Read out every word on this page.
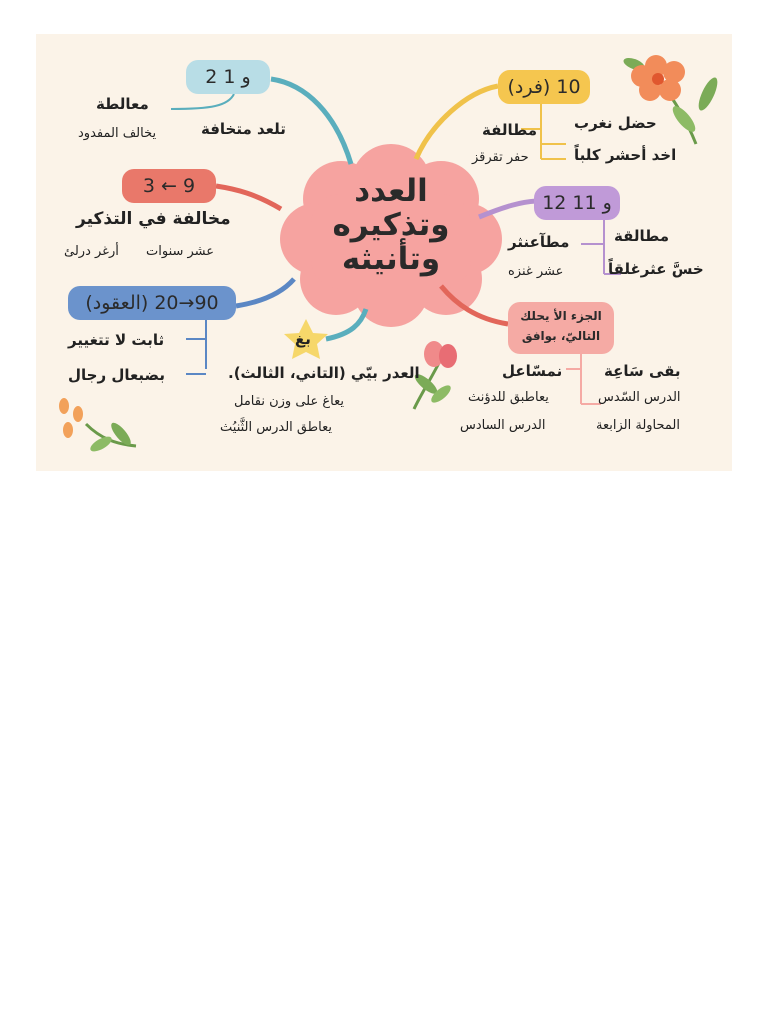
العدد
وتذكيره
وتأنيثه
2 و 1
معالطة
تلعد متخافة
يخالف المفدود
3 ← 9
مخالفة في التذكير
عشر سنوات
أرغر درلئ
(العقود) 90→20
ثابت لا تتغيير
بضبعال رجال
بغ
العدر بيّي (التاني، الثالث).
يعاغ على وزن نقامل
يعاطق الدرس الثَّنيُث
(فرد) 10
مطالفة
حفر تقرقز
حضل نغرب
اخد أحشر كلباً
12 و 11
مطآعنثر
عشر غنزه
مطالقة
خسَّ عثرغلقاً
الجزء الأ يحلك
التاليّ، بوافق
نمسّاعل
يعاطبق للدؤنث
الدرس السادس
بقى سَاعِة
الدرس السّدس
المحاولة الزابعة
